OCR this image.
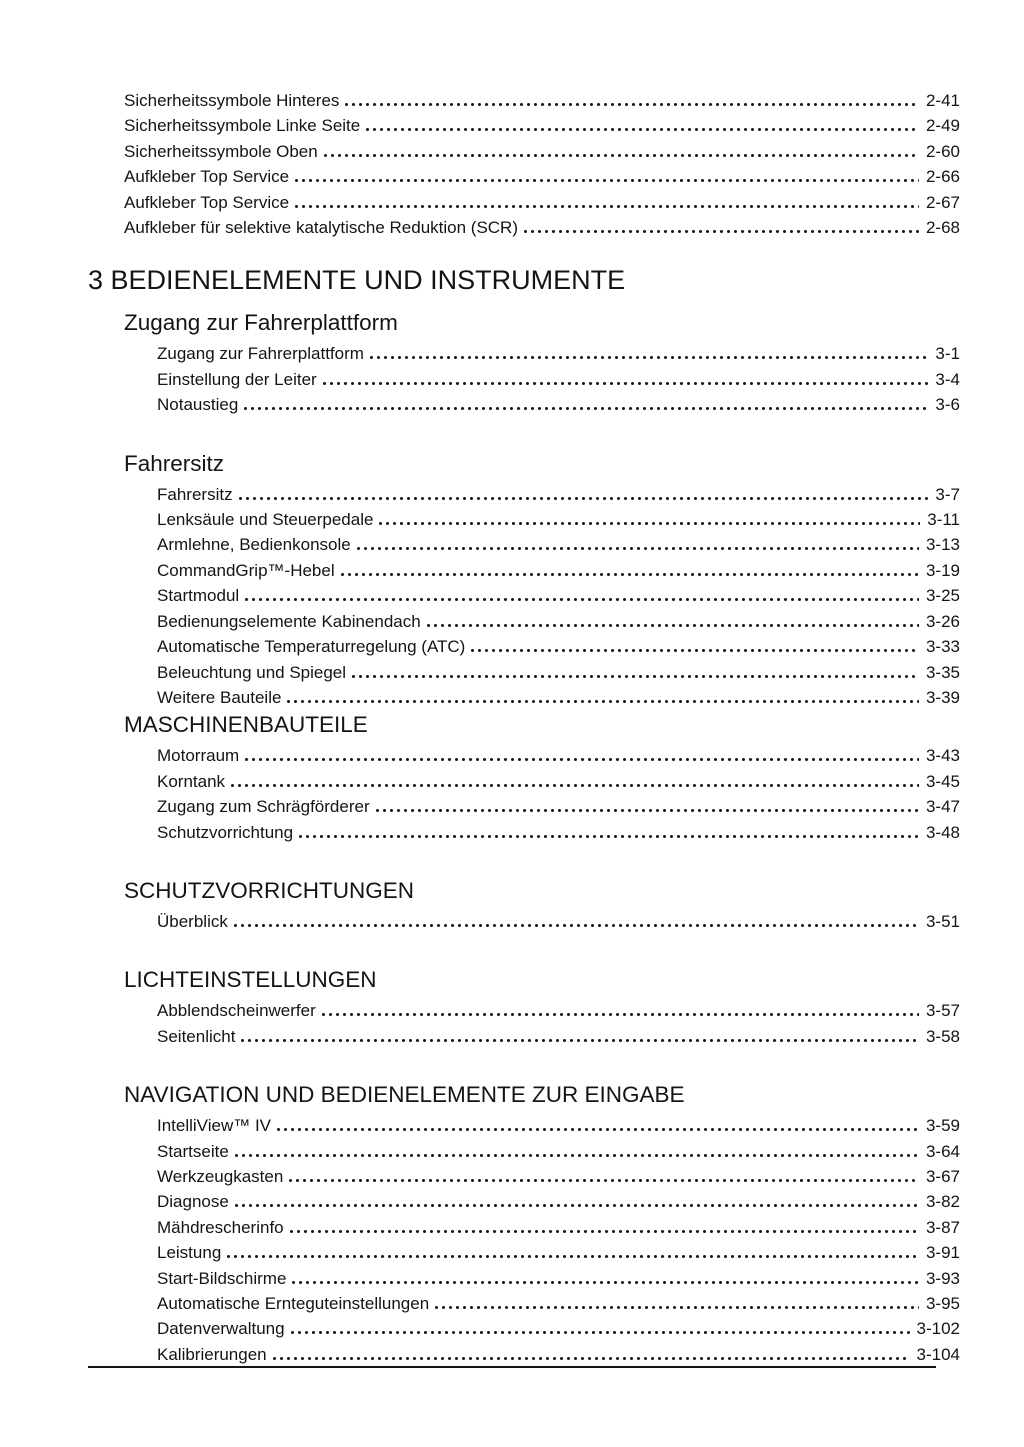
Sicherheitssymbole Hinteres	2-41
Sicherheitssymbole Linke Seite	2-49
Sicherheitssymbole Oben	2-60
Aufkleber Top Service	2-66
Aufkleber Top Service	2-67
Aufkleber für selektive katalytische Reduktion (SCR)	2-68
3 BEDIENELEMENTE UND INSTRUMENTE
Zugang zur Fahrerplattform
Zugang zur Fahrerplattform	3-1
Einstellung der Leiter	3-4
Notaustieg	3-6
Fahrersitz
Fahrersitz	3-7
Lenksäule und Steuerpedale	3-11
Armlehne, Bedienkonsole	3-13
CommandGrip™-Hebel	3-19
Startmodul	3-25
Bedienungselemente Kabinendach	3-26
Automatische Temperaturregelung (ATC)	3-33
Beleuchtung und Spiegel	3-35
Weitere Bauteile	3-39
MASCHINENBAUTEILE
Motorraum	3-43
Korntank	3-45
Zugang zum Schrägförderer	3-47
Schutzvorrichtung	3-48
SCHUTZVORRICHTUNGEN
Überblick	3-51
LICHTEINSTELLUNGEN
Abblendscheinwerfer	3-57
Seitenlicht	3-58
NAVIGATION UND BEDIENELEMENTE ZUR EINGABE
IntelliView™ IV	3-59
Startseite	3-64
Werkzeugkasten	3-67
Diagnose	3-82
Mähdrescherinfo	3-87
Leistung	3-91
Start-Bildschirme	3-93
Automatische Ernteguteinstellungen	3-95
Datenverwaltung	3-102
Kalibrierungen	3-104
